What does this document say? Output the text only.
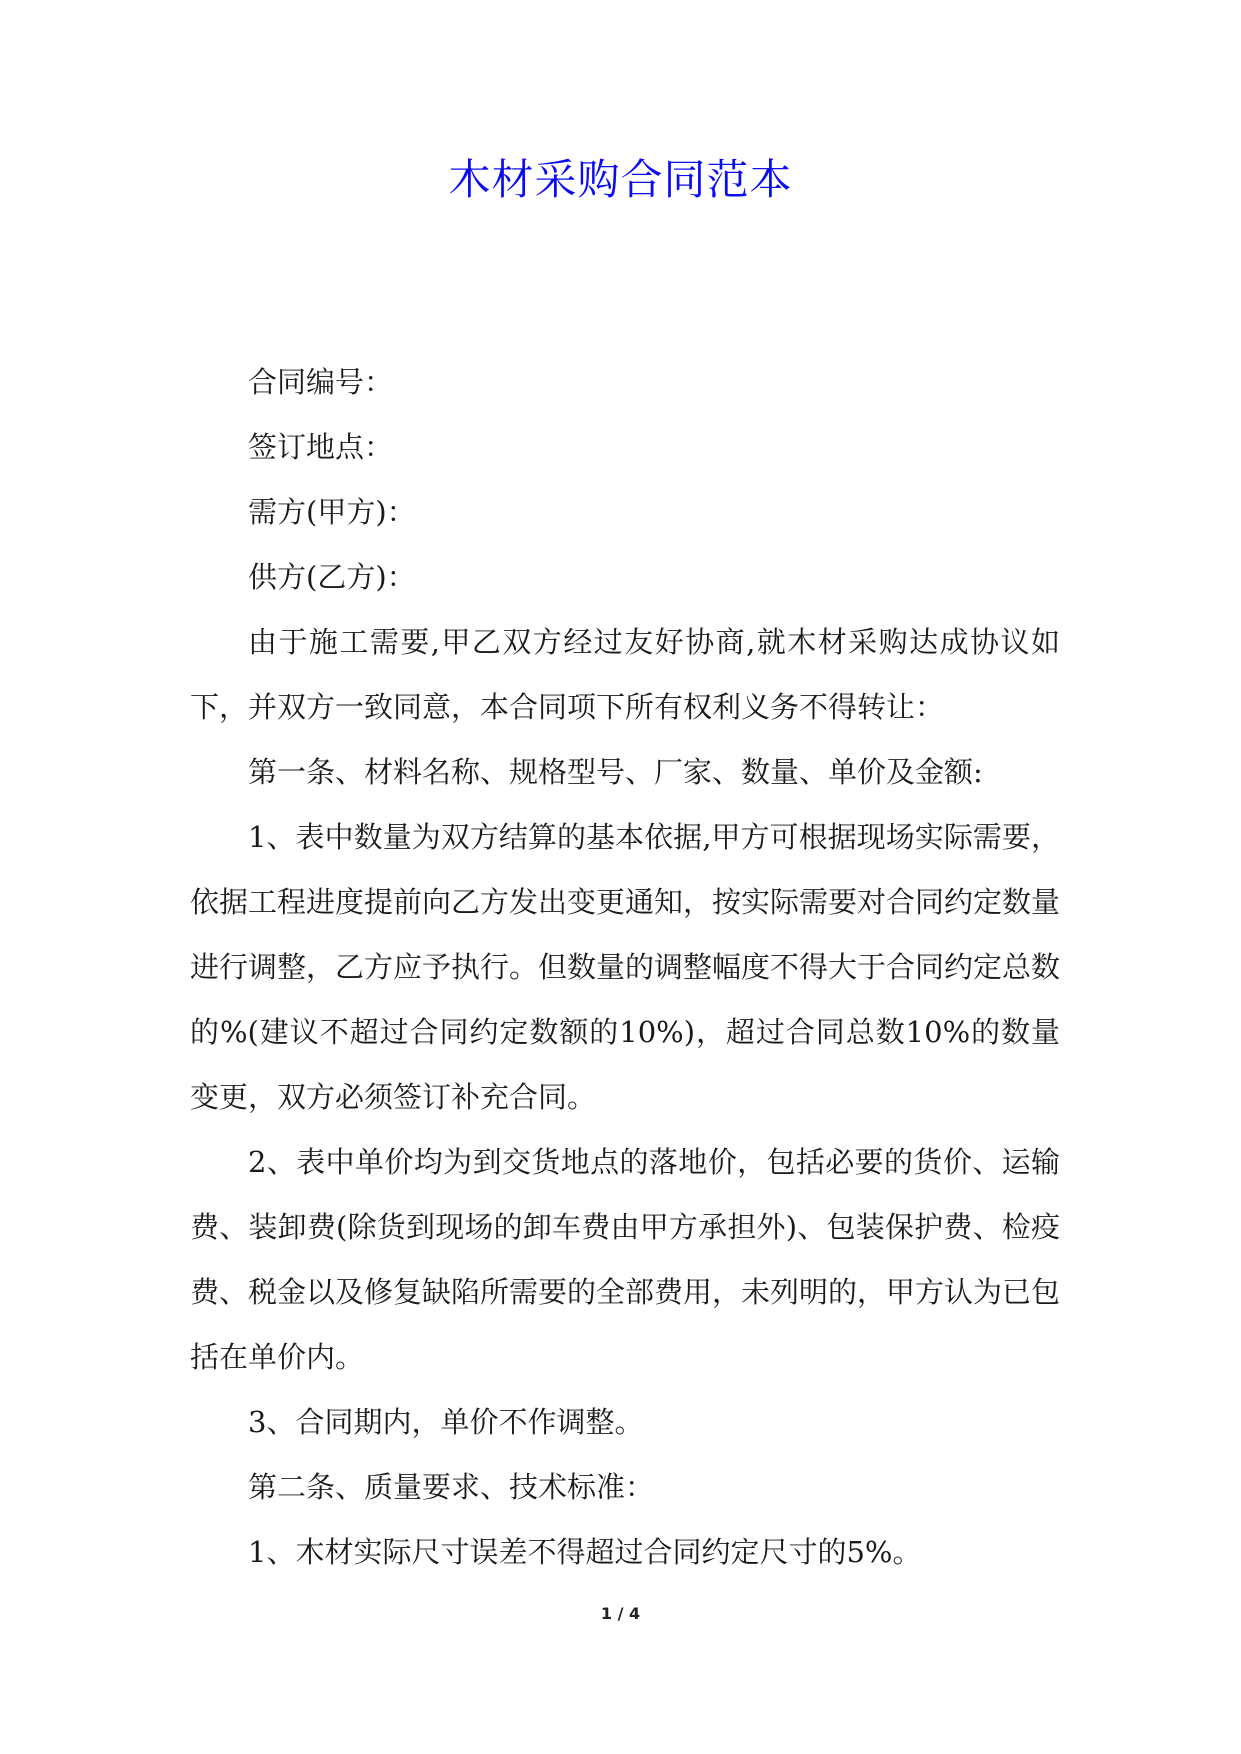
木材采购合同范本

合同编号：

签订地点：

需方(甲方)：

供方(乙方)：

由于施工需要,甲乙双方经过友好协商,就木材采购达成协议如下，并双方一致同意，本合同项下所有权利义务不得转让：

第一条、材料名称、规格型号、厂家、数量、单价及金额:

1、表中数量为双方结算的基本依据,甲方可根据现场实际需要，依据工程进度提前向乙方发出变更通知，按实际需要对合同约定数量进行调整，乙方应予执行。但数量的调整幅度不得大于合同约定总数的%(建议不超过合同约定数额的10%)，超过合同总数10%的数量变更，双方必须签订补充合同。

2、表中单价均为到交货地点的落地价，包括必要的货价、运输费、装卸费(除货到现场的卸车费由甲方承担外)、包装保护费、检疫费、税金以及修复缺陷所需要的全部费用，未列明的，甲方认为已包括在单价内。

3、合同期内，单价不作调整。

第二条、质量要求、技术标准：

1、木材实际尺寸误差不得超过合同约定尺寸的5%。

1 / 4
